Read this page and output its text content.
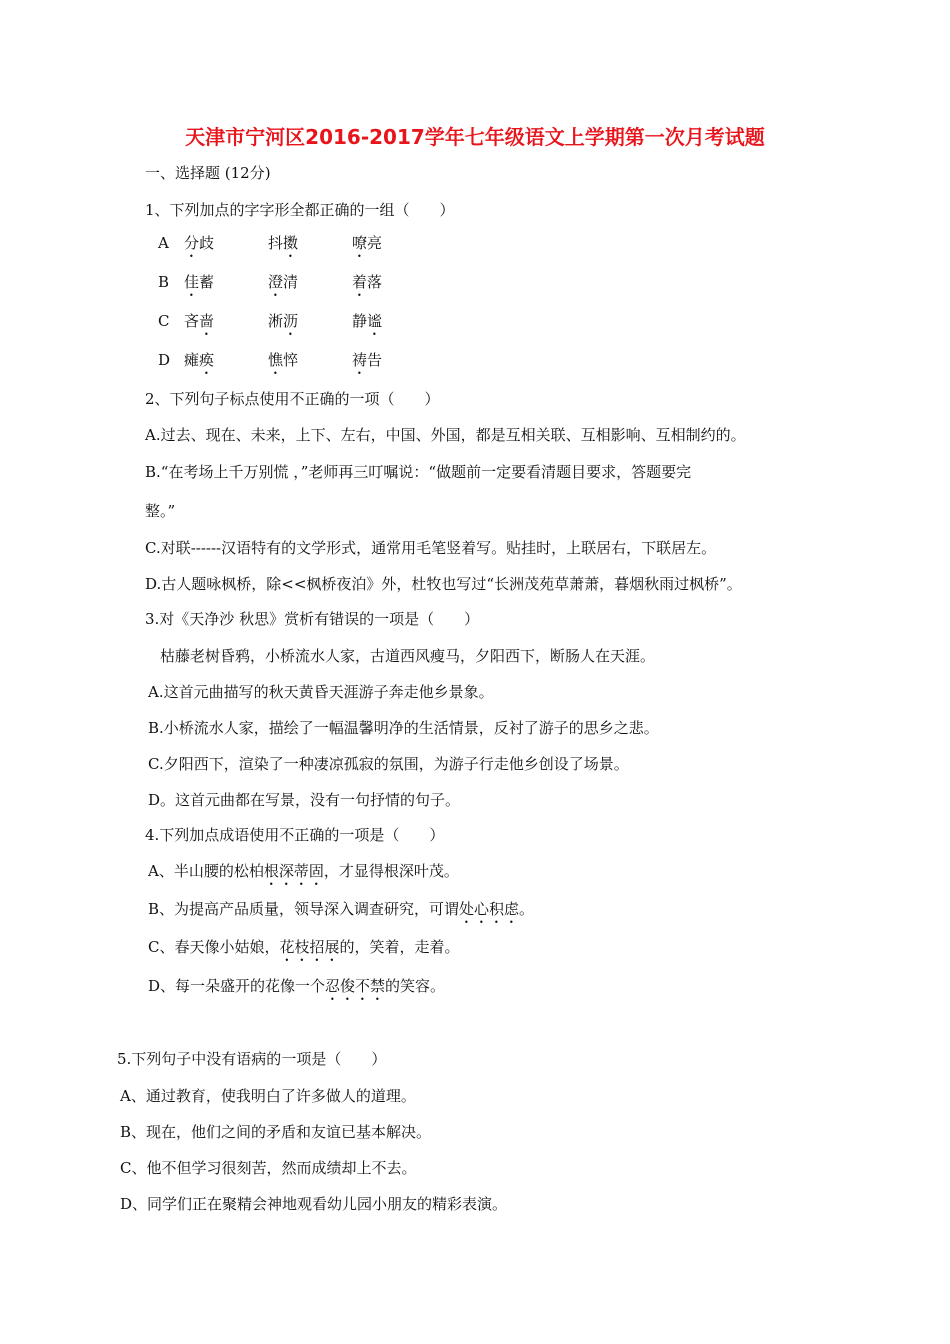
天津市宁河区2016-2017学年七年级语文上学期第一次月考试题
一、选择题 (12分)
1、下列加点的字字形全都正确的一组（　　）
A 分歧	抖擞	嘹亮
B 佳蓄	澄清	着落
C 吝啬	淅沥	静谧
D 瘫痪	憔悴	祷告
2、下列句子标点使用不正确的一项（　　）
A.过去、现在、未来，上下、左右，中国、外国，都是互相关联、互相影响、互相制约的。
B.“在考场上千万别慌 ，”老师再三叮嘱说：“做题前一定要看清题目要求，答题要完
整。”
C.对联------汉语特有的文学形式，通常用毛笔竖着写。贴挂时，上联居右，下联居左。
D.古人题咏枫桥，除<<枫桥夜泊》外，杜牧也写过“长洲茂苑草萧萧，暮烟秋雨过枫桥”。
3.对《天净沙 秋思》赏析有错误的一项是（　　）
枯藤老树昏鸦，小桥流水人家，古道西风瘦马，夕阳西下，断肠人在天涯。
A.这首元曲描写的秋天黄昏天涯游子奔走他乡景象。
B.小桥流水人家，描绘了一幅温馨明净的生活情景，反衬了游子的思乡之悲。
C.夕阳西下，渲染了一种凄凉孤寂的氛围，为游子行走他乡创设了场景。
D。这首元曲都在写景，没有一句抒情的句子。
4.下列加点成语使用不正确的一项是（　　）
A、半山腰的松柏根深蒂固，才显得根深叶茂。
B、为提高产品质量，领导深入调查研究，可谓处心积虑。
C、春天像小姑娘，花枝招展的，笑着，走着。
D、每一朵盛开的花像一个忍俊不禁的笑容。
5.下列句子中没有语病的一项是（　　）
A、通过教育，使我明白了许多做人的道理。
B、现在，他们之间的矛盾和友谊已基本解决。
C、他不但学习很刻苦，然而成绩却上不去。
D、同学们正在聚精会神地观看幼儿园小朋友的精彩表演。
